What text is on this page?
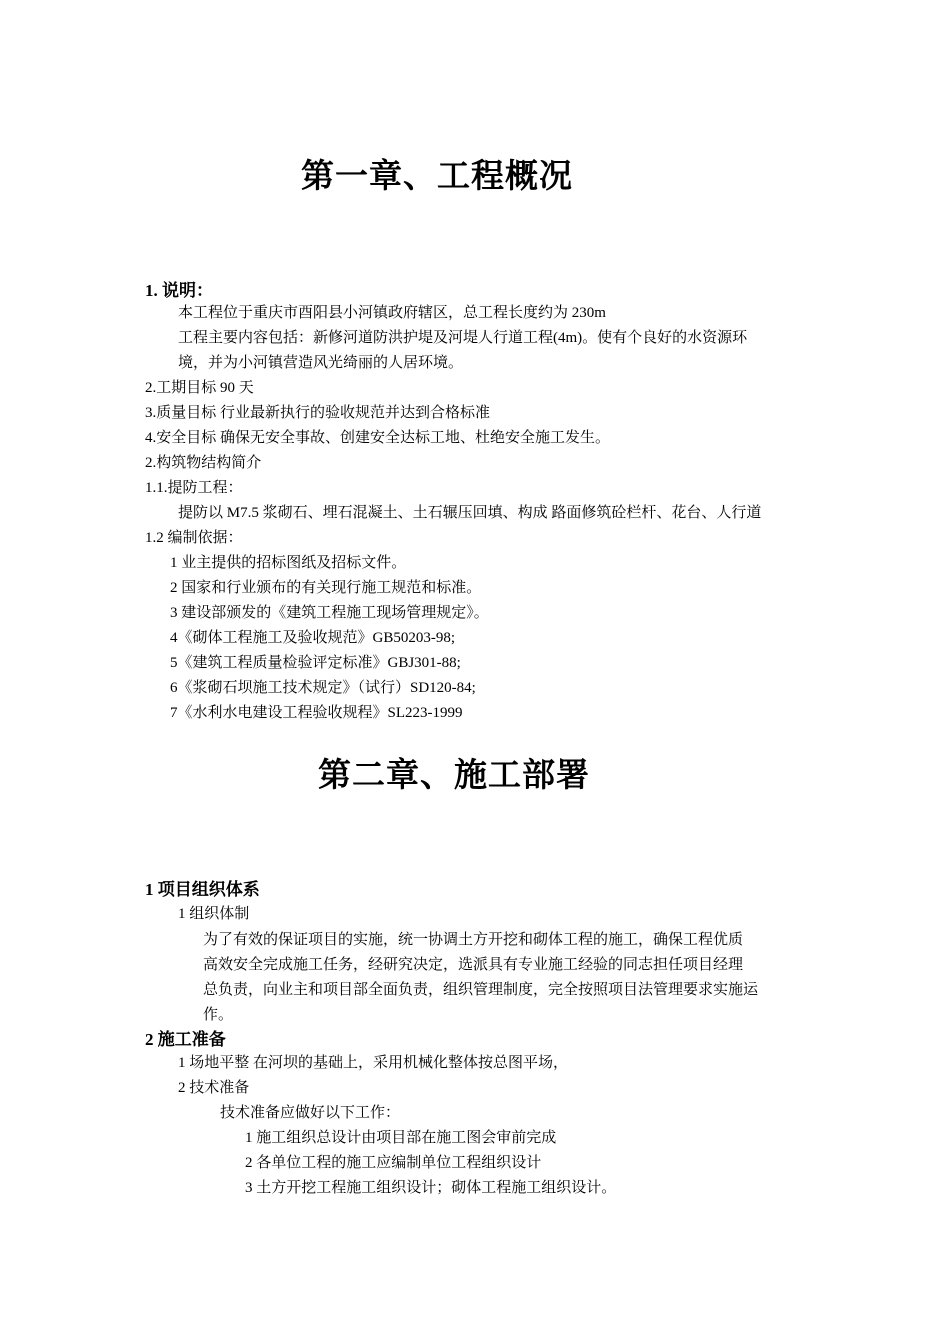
第一章、工程概况
1. 说明：
本工程位于重庆市酉阳县小河镇政府辖区，总工程长度约为 230m
工程主要内容包括：新修河道防洪护堤及河堤人行道工程(4m)。使有个良好的水资源环
境，并为小河镇营造风光绮丽的人居环境。
2.工期目标 90 天
3.质量目标 行业最新执行的验收规范并达到合格标准
4.安全目标 确保无安全事故、创建安全达标工地、杜绝安全施工发生。
2.构筑物结构简介
1.1.提防工程：
提防以 M7.5 浆砌石、埋石混凝土、土石辗压回填、构成 路面修筑砼栏杆、花台、人行道
1.2 编制依据：
1 业主提供的招标图纸及招标文件。
2 国家和行业颁布的有关现行施工规范和标准。
3 建设部颁发的《建筑工程施工现场管理规定》。
4《砌体工程施工及验收规范》GB50203-98;
5《建筑工程质量检验评定标准》GBJ301-88;
6《浆砌石坝施工技术规定》（试行）SD120-84;
7《水利水电建设工程验收规程》SL223-1999
第二章、施工部署
1 项目组织体系
1 组织体制
为了有效的保证项目的实施，统一协调土方开挖和砌体工程的施工，确保工程优质
高效安全完成施工任务，经研究决定，选派具有专业施工经验的同志担任项目经理
总负责，向业主和项目部全面负责，组织管理制度，完全按照项目法管理要求实施运
作。
2 施工准备
1 场地平整 在河坝的基础上，采用机械化整体按总图平场，
2 技术准备
技术准备应做好以下工作：
1 施工组织总设计由项目部在施工图会审前完成
2 各单位工程的施工应编制单位工程组织设计
3 土方开挖工程施工组织设计；砌体工程施工组织设计。
